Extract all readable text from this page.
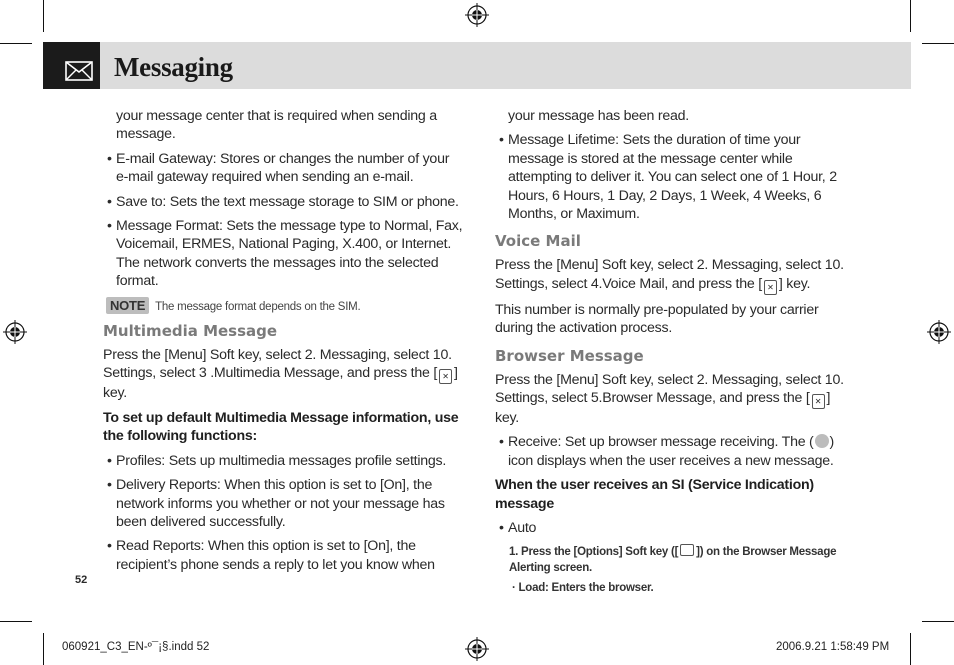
Messaging

your message center that is required when sending a message.

• E-mail Gateway: Stores or changes the number of your e-mail gateway required when sending an e-mail.

• Save to: Sets the text message storage to SIM or phone.

• Message Format: Sets the message type to Normal, Fax, Voicemail, ERMES, National Paging, X.400, or Internet. The network converts the messages into the selected format.

NOTE The message format depends on the SIM.

Multimedia Message

Press the [Menu] Soft key, select 2. Messaging, select 10. Settings, select 3 .Multimedia Message, and press the [ ✕ ] key.

To set up default Multimedia Message information, use the following functions:

• Profiles: Sets up multimedia messages profile settings.

• Delivery Reports: When this option is set to [On], the network informs you whether or not your message has been delivered successfully.

• Read Reports: When this option is set to [On], the recipient’s phone sends a reply to let you know when

your message has been read.

• Message Lifetime: Sets the duration of time your message is stored at the message center while attempting to deliver it. You can select one of 1 Hour, 2 Hours, 6 Hours, 1 Day, 2 Days, 1 Week, 4 Weeks, 6 Months, or Maximum.

Voice Mail

Press the [Menu] Soft key, select 2. Messaging, select 10. Settings, select 4.Voice Mail, and press the [ ✕ ] key.

This number is normally pre-populated by your carrier during the activation process.

Browser Message

Press the [Menu] Soft key, select 2. Messaging, select 10. Settings, select 5.Browser Message, and press the [ ✕ ] key.

• Receive: Set up browser message receiving. The ( ) icon displays when the user receives a new message.

When the user receives an SI (Service Indication) message

• Auto

1. Press the [Options] Soft key ([ ]) on the Browser Message Alerting screen.

· Load: Enters the browser.

52
060921_C3_EN-º¯¡§.indd 52	2006.9.21 1:58:49 PM
